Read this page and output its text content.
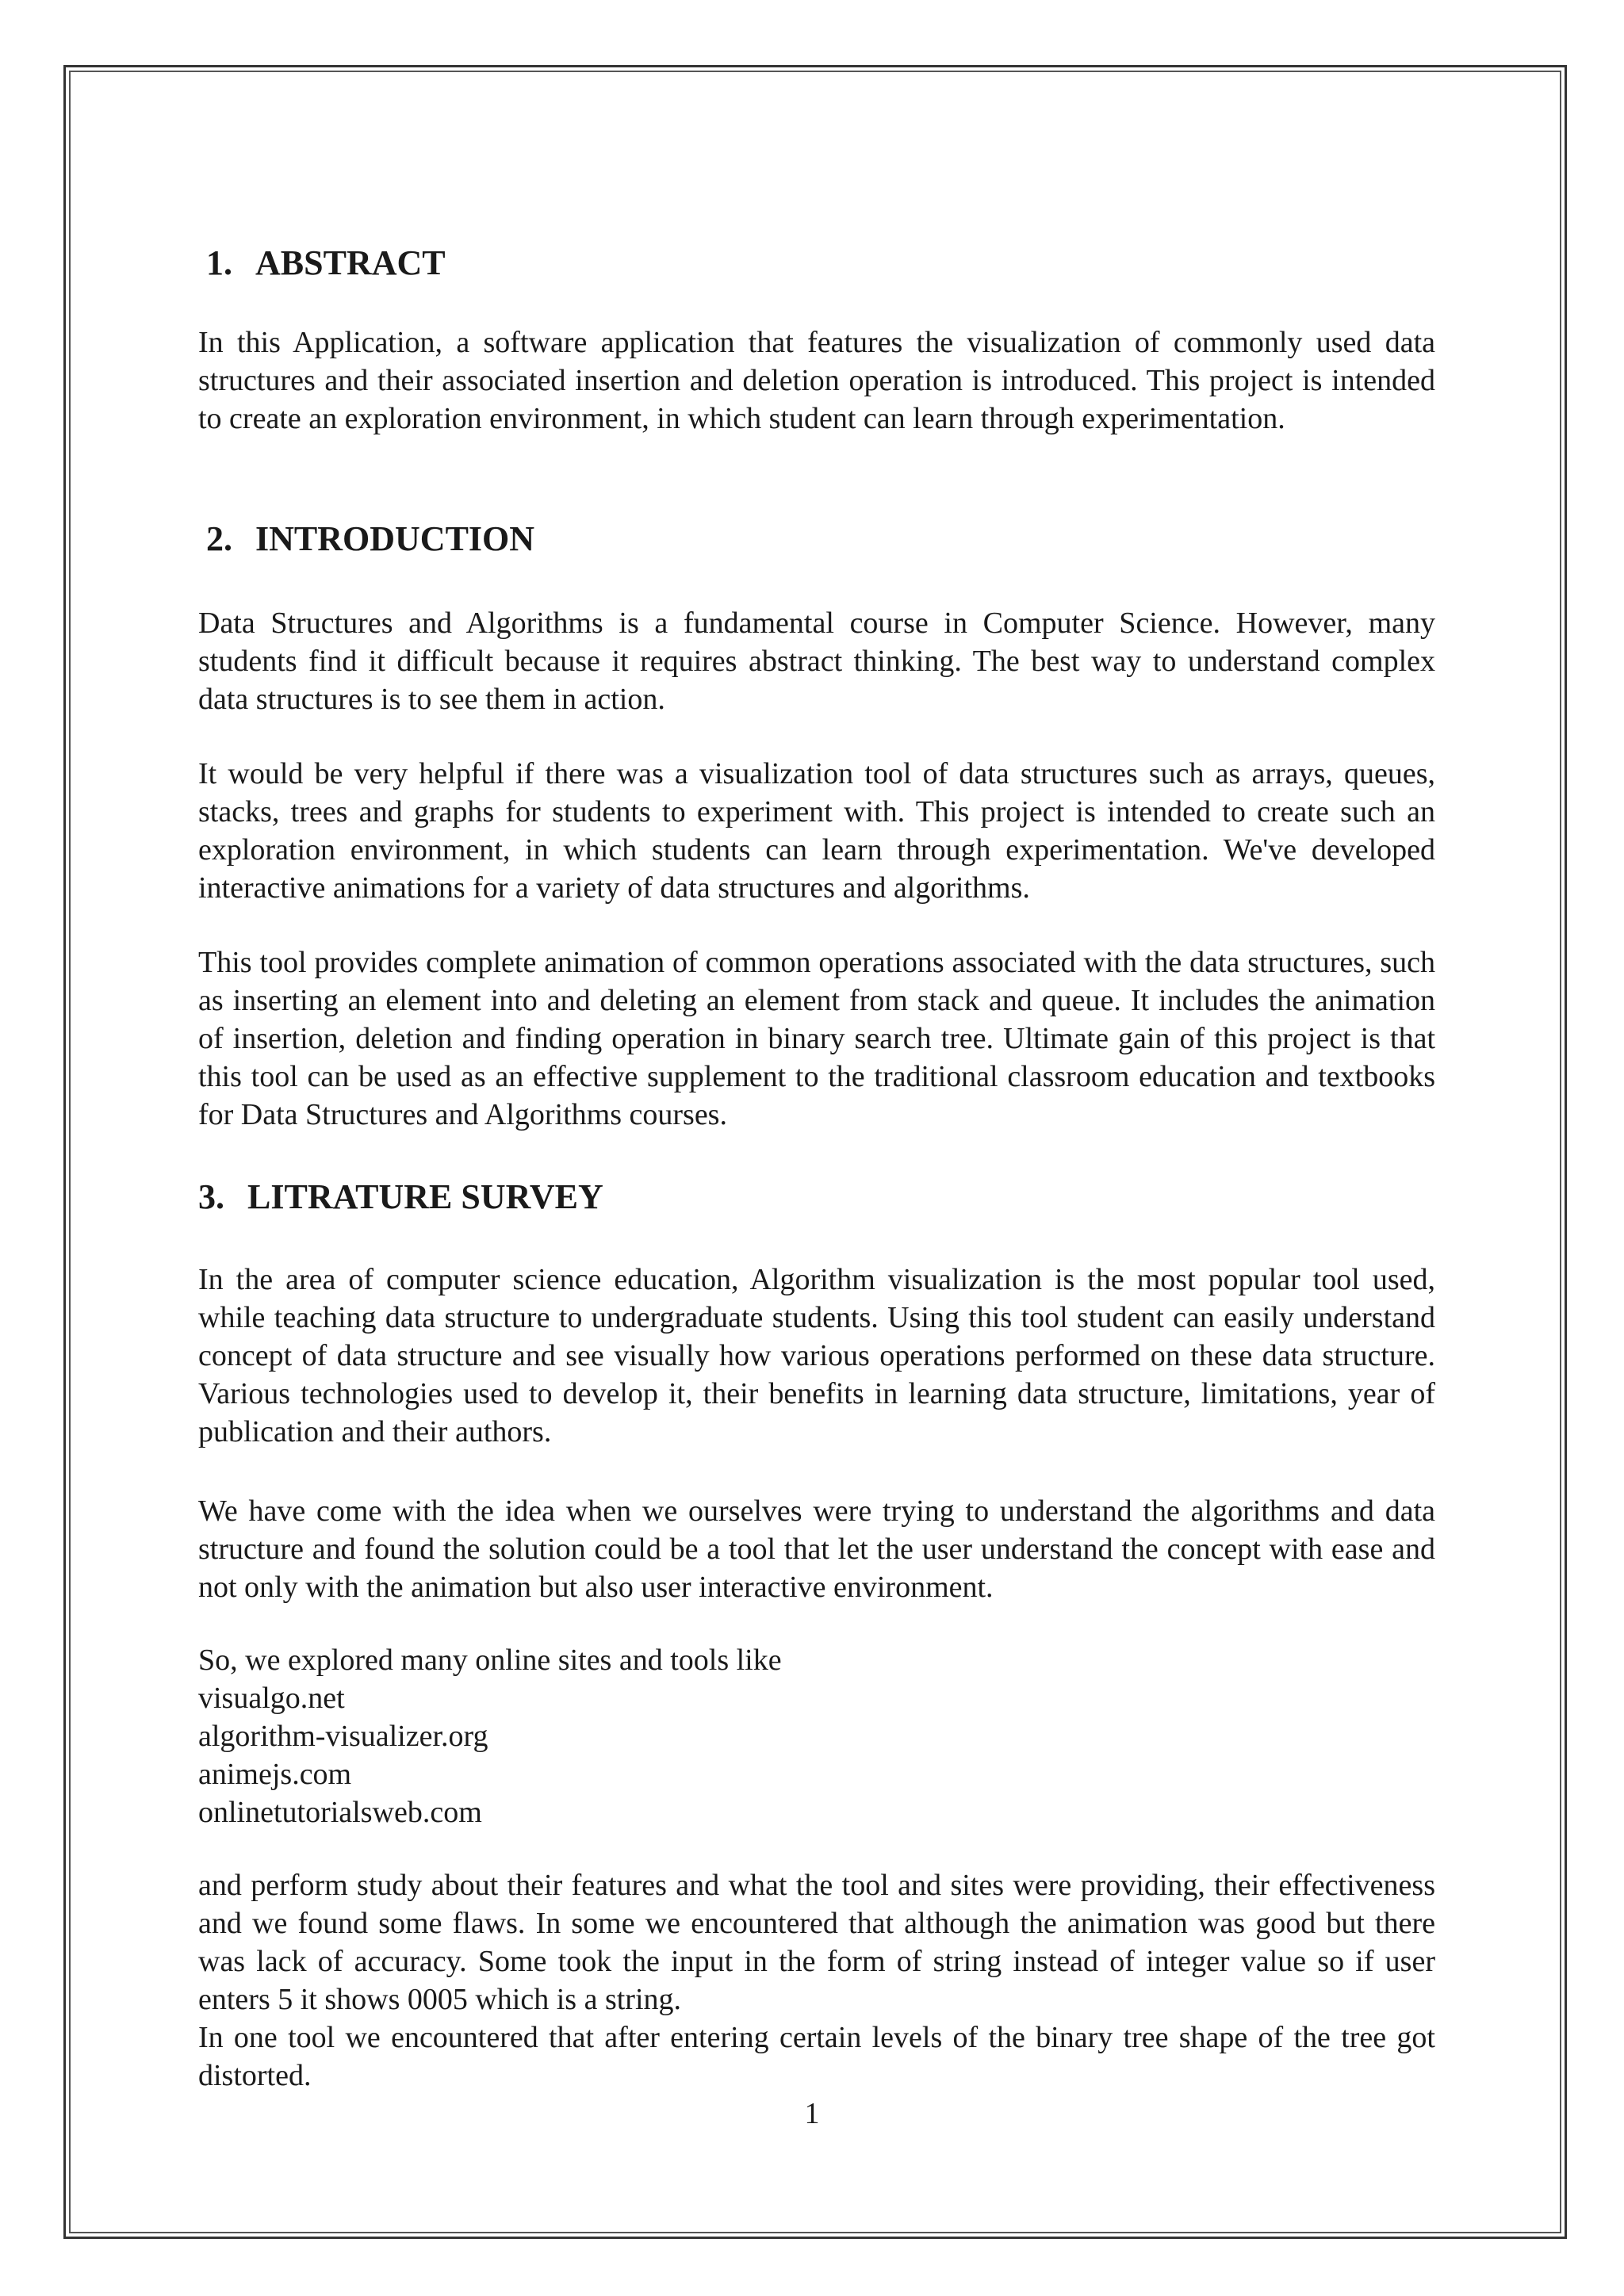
1. ABSTRACT

In this Application, a software application that features the visualization of commonly used data structures and their associated insertion and deletion operation is introduced. This project is intended to create an exploration environment, in which student can learn through experimentation.

2. INTRODUCTION

Data Structures and Algorithms is a fundamental course in Computer Science. However, many students find it difficult because it requires abstract thinking. The best way to understand complex data structures is to see them in action.

It would be very helpful if there was a visualization tool of data structures such as arrays, queues, stacks, trees and graphs for students to experiment with. This project is intended to create such an exploration environment, in which students can learn through experimentation. We've developed interactive animations for a variety of data structures and algorithms.

This tool provides complete animation of common operations associated with the data structures, such as inserting an element into and deleting an element from stack and queue. It includes the animation of insertion, deletion and finding operation in binary search tree. Ultimate gain of this project is that this tool can be used as an effective supplement to the traditional classroom education and textbooks for Data Structures and Algorithms courses.

3. LITRATURE SURVEY

In the area of computer science education, Algorithm visualization is the most popular tool used, while teaching data structure to undergraduate students. Using this tool student can easily understand concept of data structure and see visually how various operations performed on these data structure. Various technologies used to develop it, their benefits in learning data structure, limitations, year of publication and their authors.

We have come with the idea when we ourselves were trying to understand the algorithms and data structure and found the solution could be a tool that let the user understand the concept with ease and not only with the animation but also user interactive environment.

So, we explored many online sites and tools like
visualgo.net
algorithm-visualizer.org
animejs.com
onlinetutorialsweb.com

and perform study about their features and what the tool and sites were providing, their effectiveness and we found some flaws. In some we encountered that although the animation was good but there was lack of accuracy. Some took the input in the form of string instead of integer value so if user enters 5 it shows 0005 which is a string.

In one tool we encountered that after entering certain levels of the binary tree shape of the tree got distorted.

1
